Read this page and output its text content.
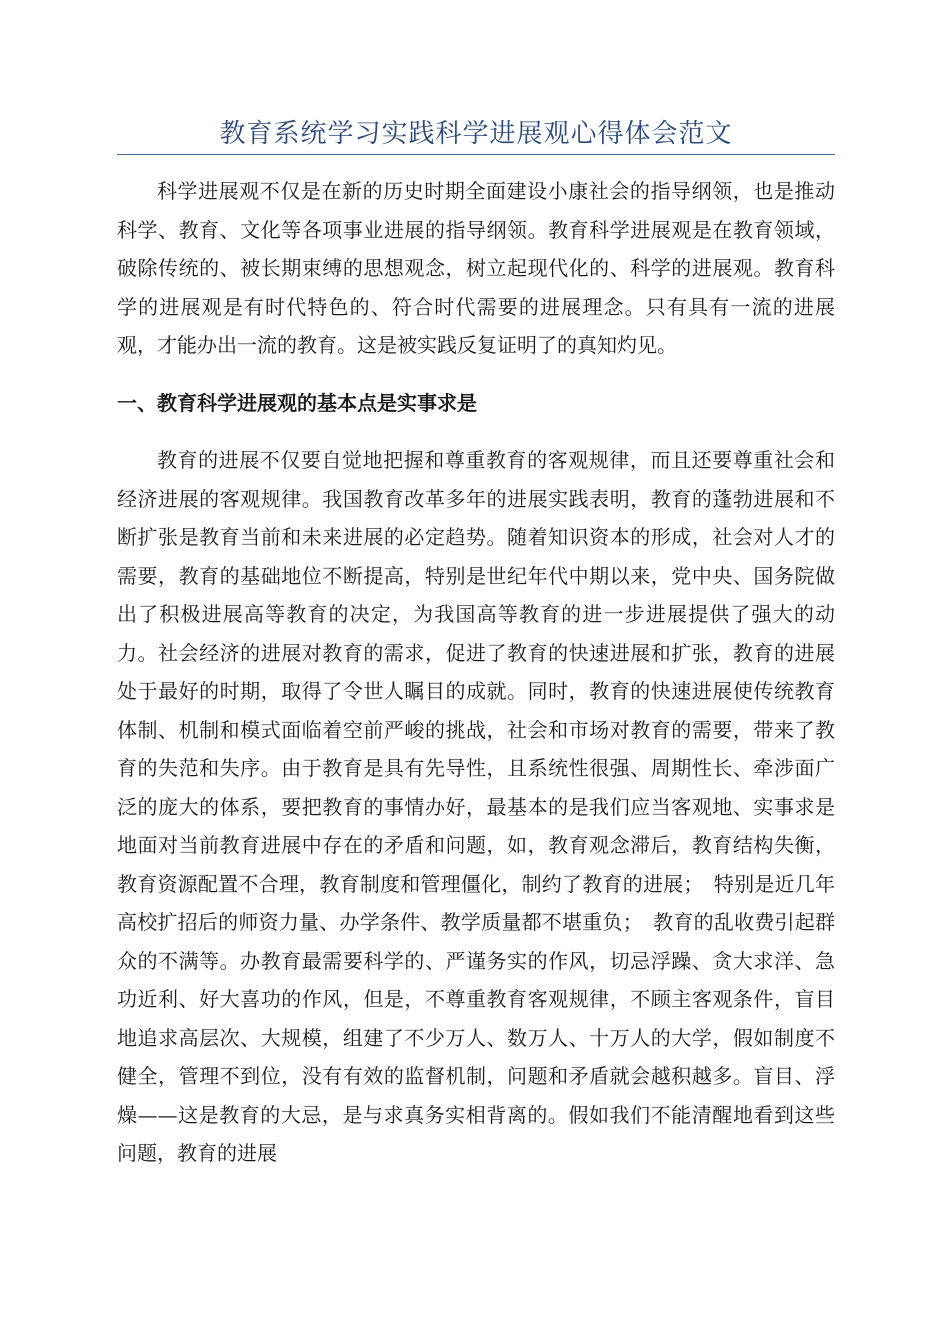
教育系统学习实践科学进展观心得体会范文

科学进展观不仅是在新的历史时期全面建设小康社会的指导纲领，也是推动科学、教育、文化等各项事业进展的指导纲领。教育科学进展观是在教育领域，破除传统的、被长期束缚的思想观念，树立起现代化的、科学的进展观。教育科学的进展观是有时代特色的、符合时代需要的进展理念。只有具有一流的进展观，才能办出一流的教育。这是被实践反复证明了的真知灼见。

一、教育科学进展观的基本点是实事求是

教育的进展不仅要自觉地把握和尊重教育的客观规律，而且还要尊重社会和经济进展的客观规律。我国教育改革多年的进展实践表明，教育的蓬勃进展和不断扩张是教育当前和未来进展的必定趋势。随着知识资本的形成，社会对人才的需要，教育的基础地位不断提高，特别是世纪年代中期以来，党中央、国务院做出了积极进展高等教育的决定，为我国高等教育的进一步进展提供了强大的动力。社会经济的进展对教育的需求，促进了教育的快速进展和扩张，教育的进展处于最好的时期，取得了令世人瞩目的成就。同时，教育的快速进展使传统教育体制、机制和模式面临着空前严峻的挑战，社会和市场对教育的需要，带来了教育的失范和失序。由于教育是具有先导性，且系统性很强、周期性长、牵涉面广泛的庞大的体系，要把教育的事情办好，最基本的是我们应当客观地、实事求是地面对当前教育进展中存在的矛盾和问题，如，教育观念滞后，教育结构失衡，教育资源配置不合理，教育制度和管理僵化，制约了教育的进展；　特别是近几年高校扩招后的师资力量、办学条件、教学质量都不堪重负；　教育的乱收费引起群众的不满等。办教育最需要科学的、严谨务实的作风，切忌浮躁、贪大求洋、急功近利、好大喜功的作风，但是，不尊重教育客观规律，不顾主客观条件，盲目地追求高层次、大规模，组建了不少万人、数万人、十万人的大学，假如制度不健全，管理不到位，没有有效的监督机制，问题和矛盾就会越积越多。盲目、浮燥——这是教育的大忌，是与求真务实相背离的。假如我们不能清醒地看到这些问题，教育的进展
